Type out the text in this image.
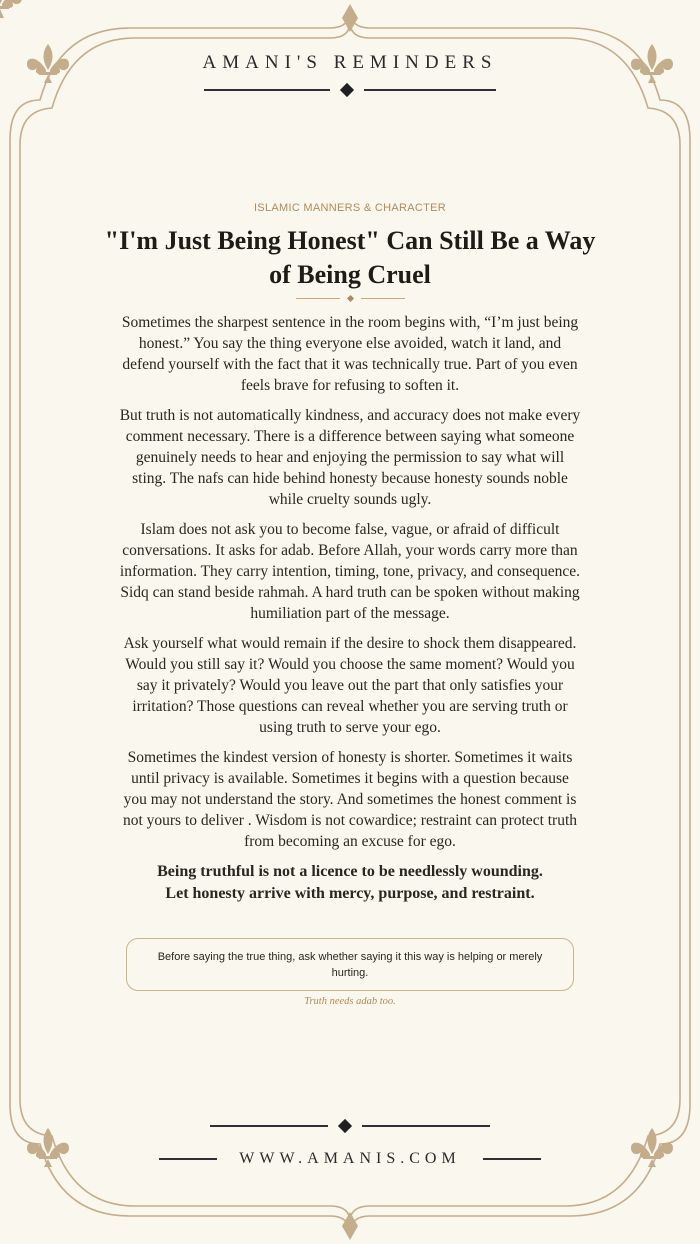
AMANI'S REMINDERS
ISLAMIC MANNERS & CHARACTER
"I'm Just Being Honest" Can Still Be a Way of Being Cruel

Sometimes the sharpest sentence in the room begins with, “I’m just being honest.” You say the thing everyone else avoided, watch it land, and defend yourself with the fact that it was technically true. Part of you even feels brave for refusing to soften it.

But truth is not automatically kindness, and accuracy does not make every comment necessary. There is a difference between saying what someone genuinely needs to hear and enjoying the permission to say what will sting. The nafs can hide behind honesty because honesty sounds noble while cruelty sounds ugly.

Islam does not ask you to become false, vague, or afraid of difficult conversations. It asks for adab. Before Allah, your words carry more than information. They carry intention, timing, tone, privacy, and consequence. Sidq can stand beside rahmah. A hard truth can be spoken without making humiliation part of the message.

Ask yourself what would remain if the desire to shock them disappeared. Would you still say it? Would you choose the same moment? Would you say it privately? Would you leave out the part that only satisfies your irritation? Those questions can reveal whether you are serving truth or using truth to serve your ego.

Sometimes the kindest version of honesty is shorter. Sometimes it waits until privacy is available. Sometimes it begins with a question because you may not understand the story. And sometimes the honest comment is not yours to deliver . Wisdom is not cowardice; restraint can protect truth from becoming an excuse for ego.

Being truthful is not a licence to be needlessly wounding.
Let honesty arrive with mercy, purpose, and restraint.

Before saying the true thing, ask whether saying it this way is helping or merely hurting.
Truth needs adab too.
WWW.AMANIS.COM
